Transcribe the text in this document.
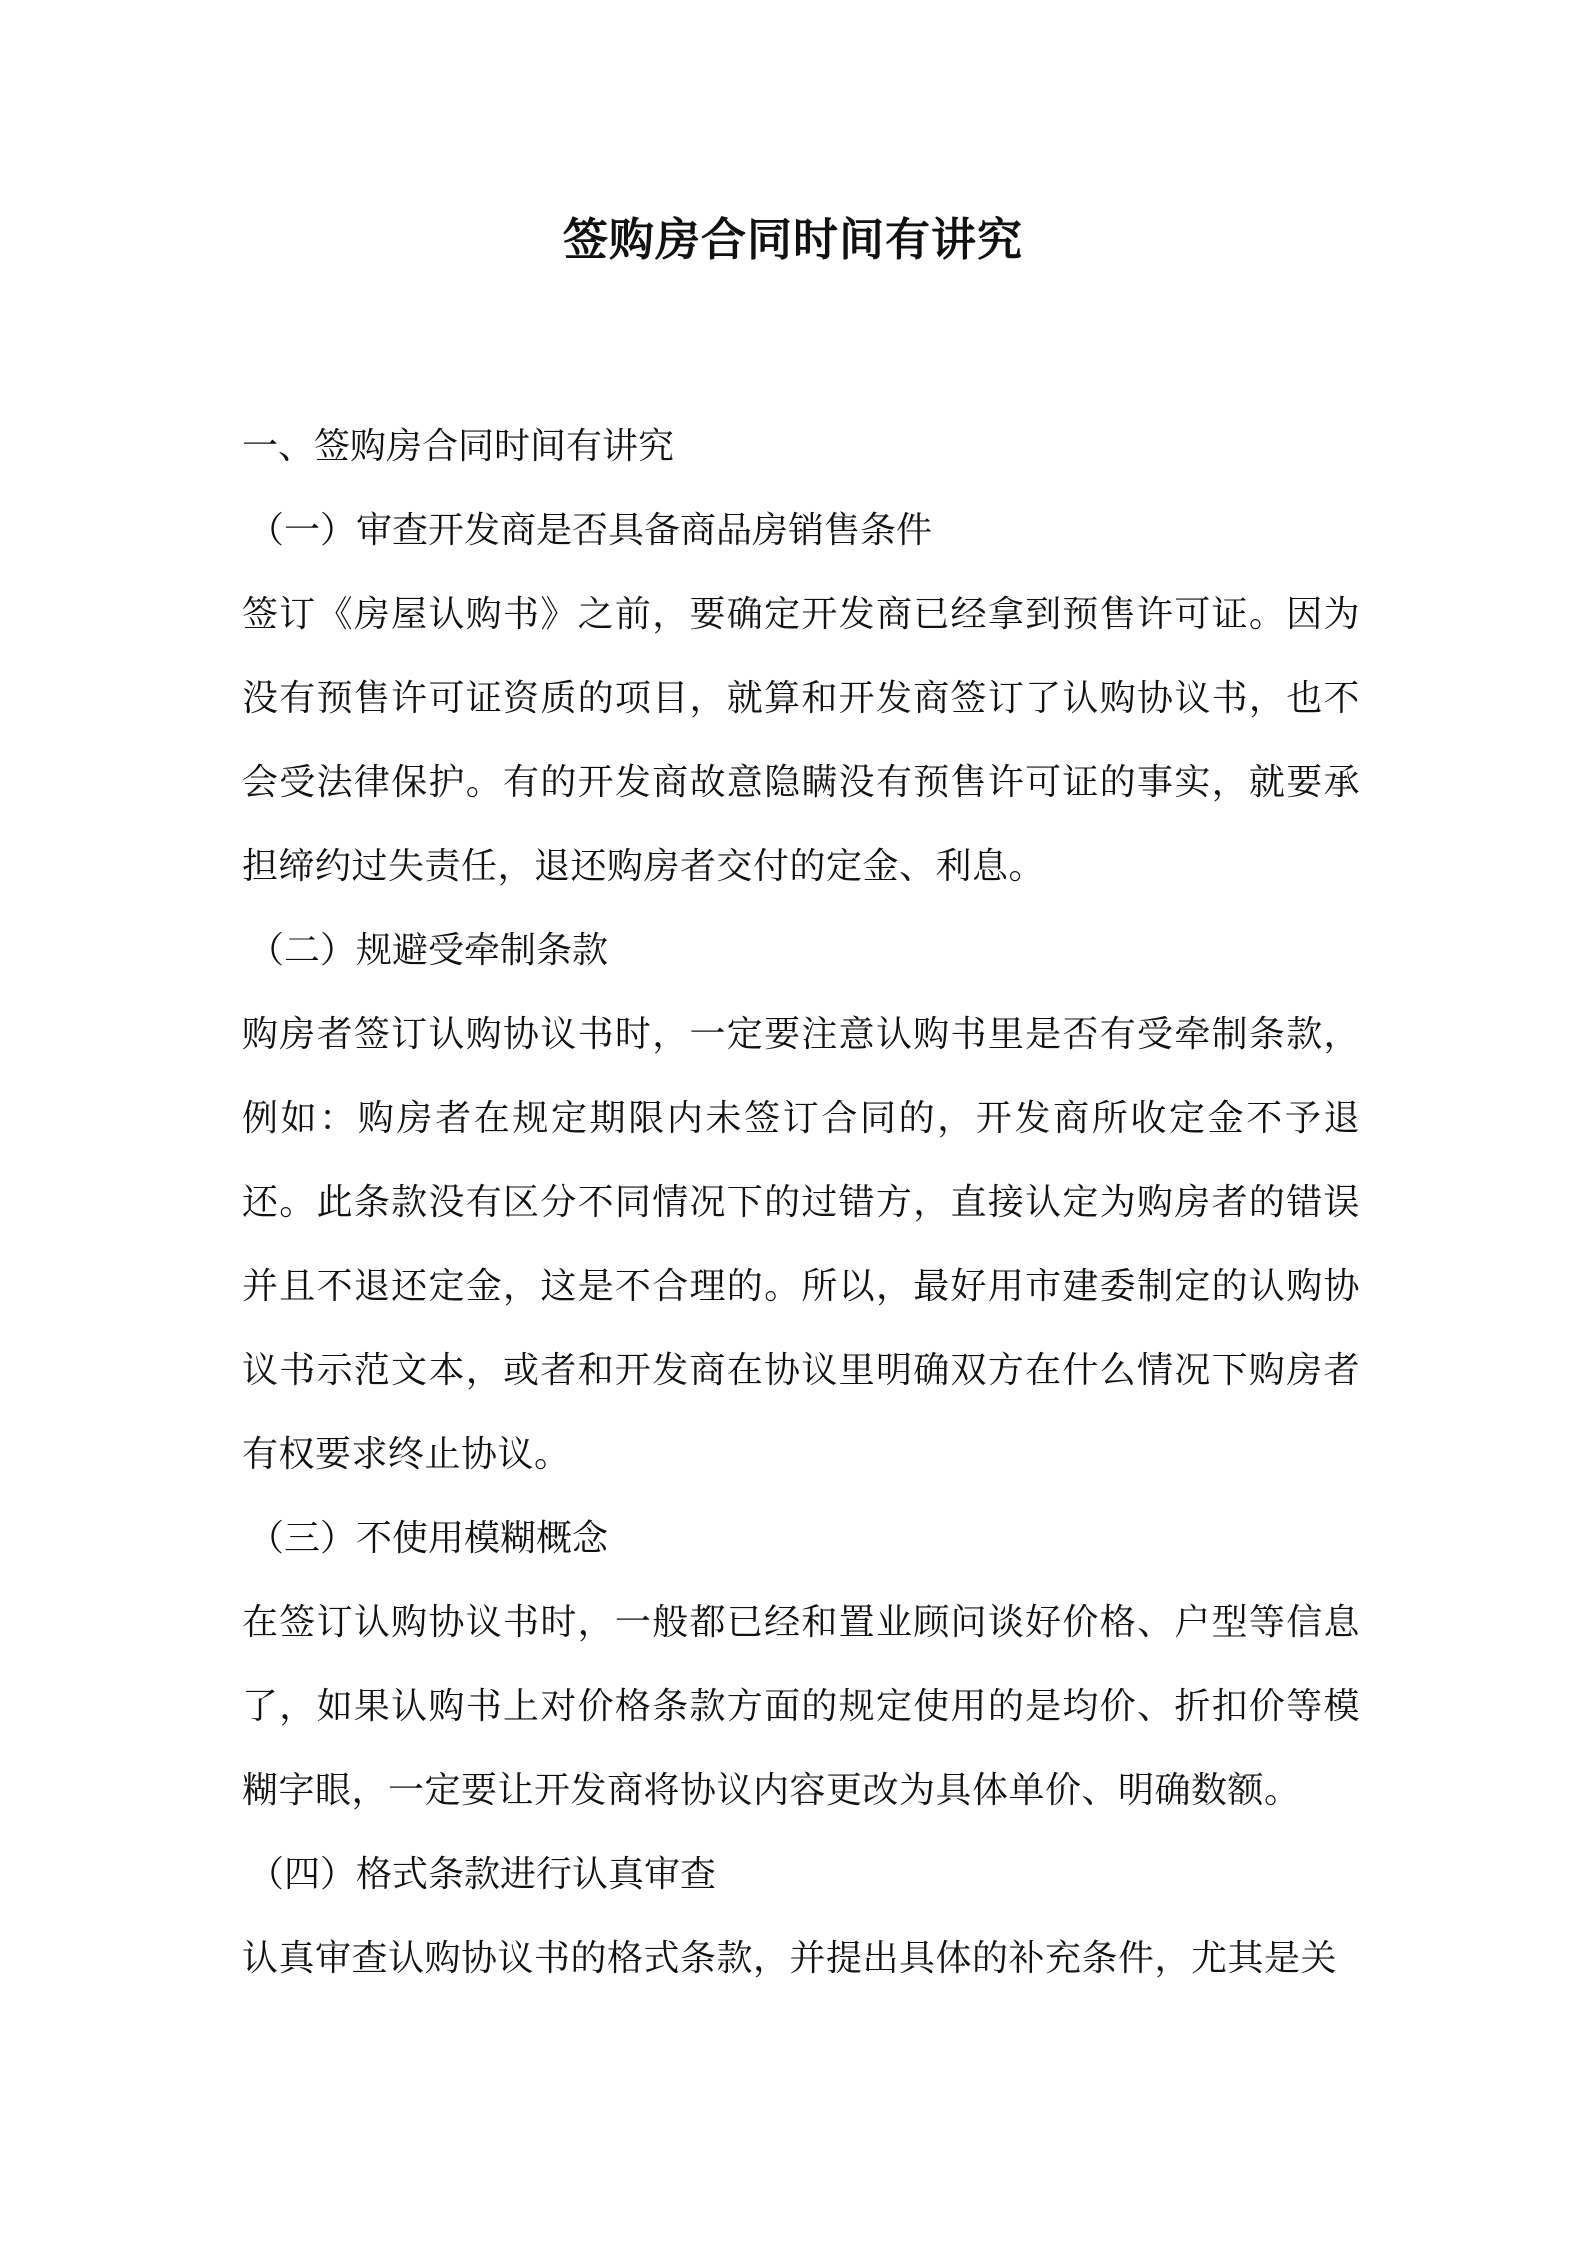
签购房合同时间有讲究

一、签购房合同时间有讲究

（一）审查开发商是否具备商品房销售条件

签订《房屋认购书》之前，要确定开发商已经拿到预售许可证。因为没有预售许可证资质的项目，就算和开发商签订了认购协议书，也不会受法律保护。有的开发商故意隐瞒没有预售许可证的事实，就要承担缔约过失责任，退还购房者交付的定金、利息。

（二）规避受牵制条款

购房者签订认购协议书时，一定要注意认购书里是否有受牵制条款，例如：购房者在规定期限内未签订合同的，开发商所收定金不予退还。此条款没有区分不同情况下的过错方，直接认定为购房者的错误并且不退还定金，这是不合理的。所以，最好用市建委制定的认购协议书示范文本，或者和开发商在协议里明确双方在什么情况下购房者有权要求终止协议。

（三）不使用模糊概念

在签订认购协议书时，一般都已经和置业顾问谈好价格、户型等信息了，如果认购书上对价格条款方面的规定使用的是均价、折扣价等模糊字眼，一定要让开发商将协议内容更改为具体单价、明确数额。

（四）格式条款进行认真审查

认真审查认购协议书的格式条款，并提出具体的补充条件，尤其是关
